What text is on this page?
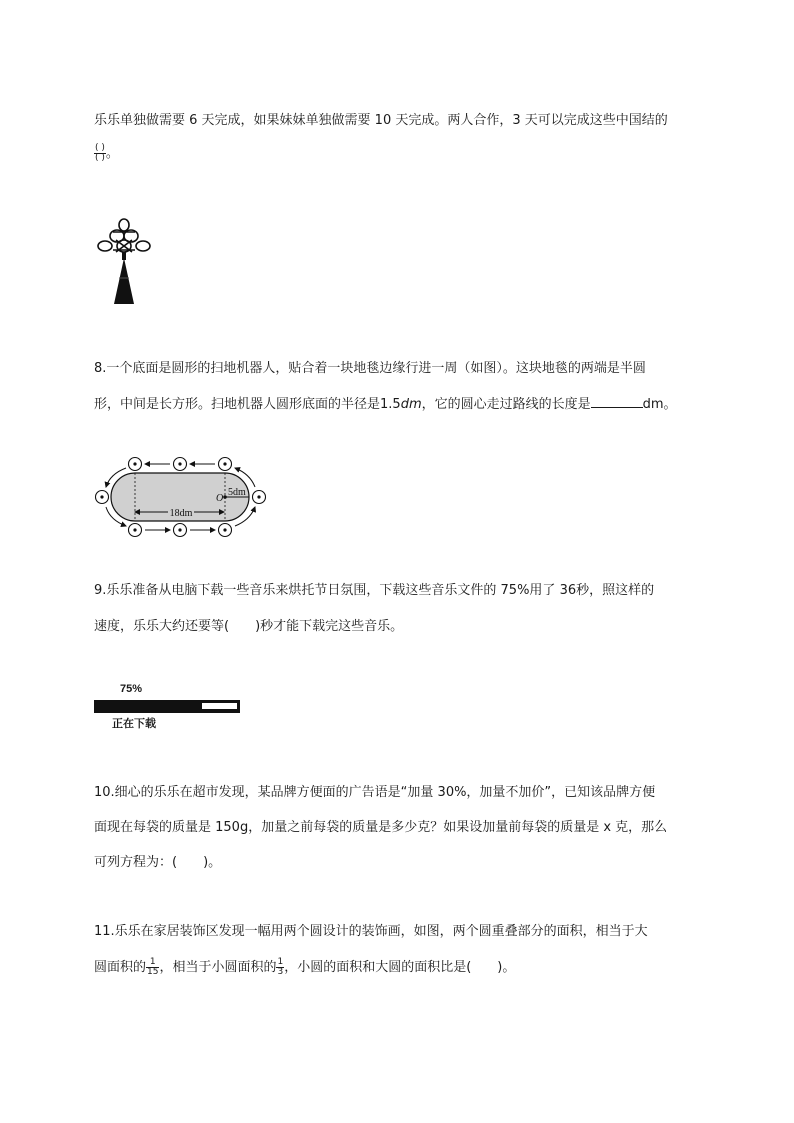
乐乐单独做需要 6 天完成，如果妹妹单独做需要 10 天完成。两人合作，3 天可以完成这些中国结的
$\frac{( )}{( )}$ 。
8.一个底面是圆形的扫地机器人，贴合着一块地毯边缘行进一周（如图）。这块地毯的两端是半圆
形，中间是长方形。扫地机器人圆形底面的半径是1.5dm，它的圆心走过路线的长度是	dm。
18dm
O
5dm
9.乐乐准备从电脑下载一些音乐来烘托节日氛围，下载这些音乐文件的 75%用了 36秒，照这样的
速度，乐乐大约还要等(　　)秒才能下载完这些音乐。
75%
正在下载
10.细心的乐乐在超市发现，某品牌方便面的广告语是“加量 30%，加量不加价”，已知该品牌方便
面现在每袋的质量是 150g，加量之前每袋的质量是多少克？如果设加量前每袋的质量是 x 克，那么
可列方程为：(　　)。
11.乐乐在家居装饰区发现一幅用两个圆设计的装饰画，如图，两个圆重叠部分的面积，相当于大
圆面积的 $\frac{1}{15}$ ，相当于小圆面积的 $\frac{1}{3}$ ，小圆的面积和大圆的面积比是(　　)。
